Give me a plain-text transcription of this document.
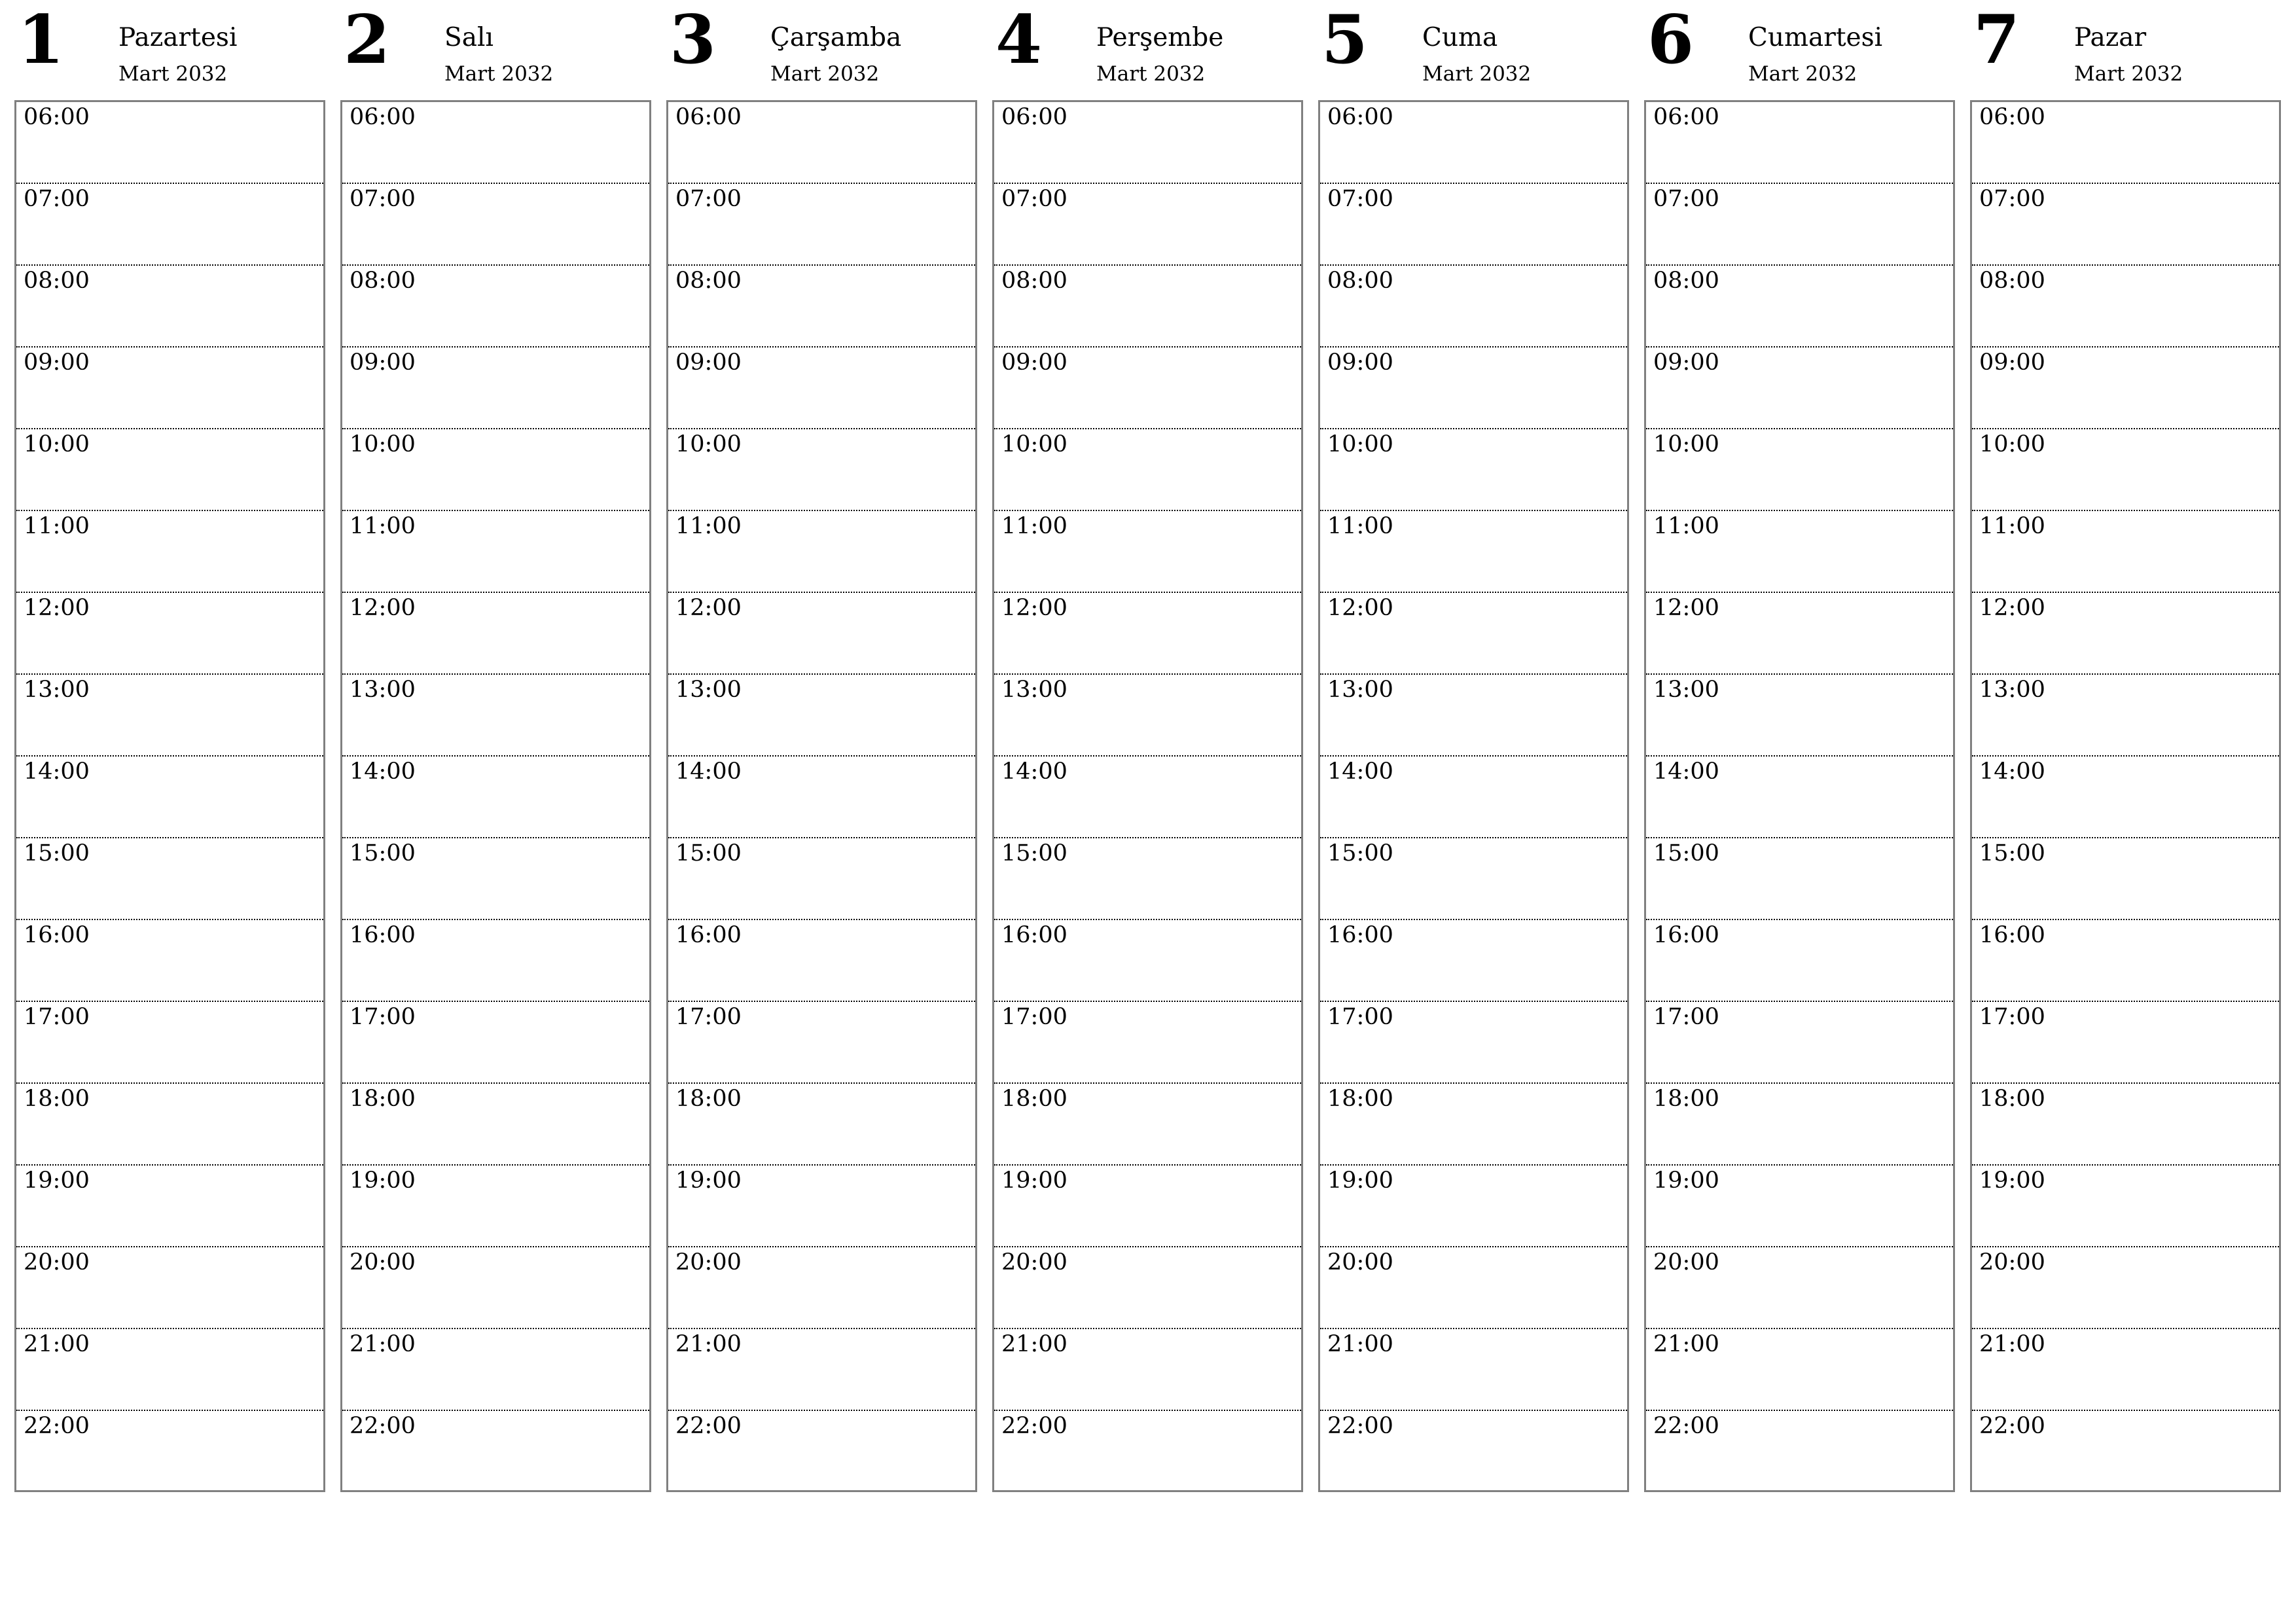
1 Pazartesi
Mart 2032
06:00
07:00
08:00
09:00
10:00
11:00
12:00
13:00
14:00
15:00
16:00
17:00
18:00
19:00
20:00
21:00
22:00
2 Salı
Mart 2032
06:00
07:00
08:00
09:00
10:00
11:00
12:00
13:00
14:00
15:00
16:00
17:00
18:00
19:00
20:00
21:00
22:00
3 Çarşamba
Mart 2032
06:00
07:00
08:00
09:00
10:00
11:00
12:00
13:00
14:00
15:00
16:00
17:00
18:00
19:00
20:00
21:00
22:00
4 Perşembe
Mart 2032
06:00
07:00
08:00
09:00
10:00
11:00
12:00
13:00
14:00
15:00
16:00
17:00
18:00
19:00
20:00
21:00
22:00
5 Cuma
Mart 2032
06:00
07:00
08:00
09:00
10:00
11:00
12:00
13:00
14:00
15:00
16:00
17:00
18:00
19:00
20:00
21:00
22:00
6 Cumartesi
Mart 2032
06:00
07:00
08:00
09:00
10:00
11:00
12:00
13:00
14:00
15:00
16:00
17:00
18:00
19:00
20:00
21:00
22:00
7 Pazar
Mart 2032
06:00
07:00
08:00
09:00
10:00
11:00
12:00
13:00
14:00
15:00
16:00
17:00
18:00
19:00
20:00
21:00
22:00
